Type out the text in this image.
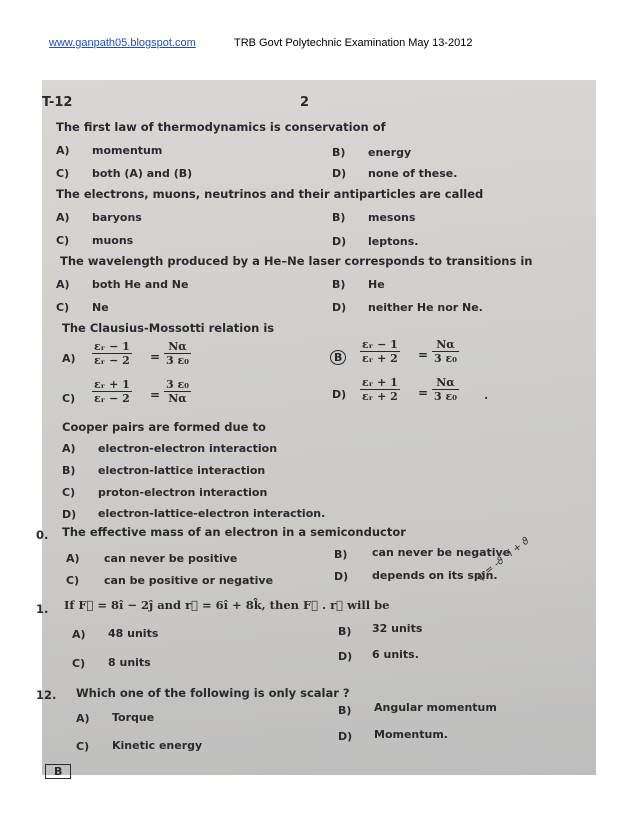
www.ganpath05.blogspot.com	TRB Govt Polytechnic Examination May 13-2012
T-12	2
The first law of thermodynamics is conservation of
A) momentum	B) energy
C) both (A) and (B)	D) none of these.
The electrons, muons, neutrinos and their antiparticles are called
A) baryons	B) mesons
C) muons	D) leptons.
The wavelength produced by a He–Ne laser corresponds to transitions in
A) both He and Ne	B) He
C) Ne	D) neither He nor Ne.
The Clausius-Mossotti relation is
$A) \frac{\text{εᵣ − 1}}{\text{εᵣ − 2}} = \frac{N\alpha}{\text{3 ε₀}}$	B	$\frac{\text{εᵣ − 1}}{\text{εᵣ + 2}} = \frac{N\alpha}{\text{3 ε₀}}$
$C) \frac{\text{εᵣ + 1}}{\text{εᵣ − 2}} = \frac{\text{3 ε₀}}{N\alpha}$	$D) \frac{\text{εᵣ + 1}}{\text{εᵣ + 2}} = \frac{N\alpha}{\text{3 ε₀}}$ .
Cooper pairs are formed due to
A) electron-electron interaction
B) electron-lattice interaction
C) proton-electron interaction
D) electron-lattice-electron interaction.
0. The effective mass of an electron in a semiconductor
A) can never be positive	B) can never be negative
C) can be positive or negative	D) depends on its spin.
1. If F⃗ = 8î − 2ĵ and r⃗ = 6î + 8k̂, then F⃗ . r⃗ will be
ψ = -ϑ˙ i + ϑ
A) 48 units	B) 32 units
C) 8 units	D) 6 units.
12. Which one of the following is only scalar ?
A) Torque
B) Angular momentum
C) Kinetic energy
D) Momentum.
B
